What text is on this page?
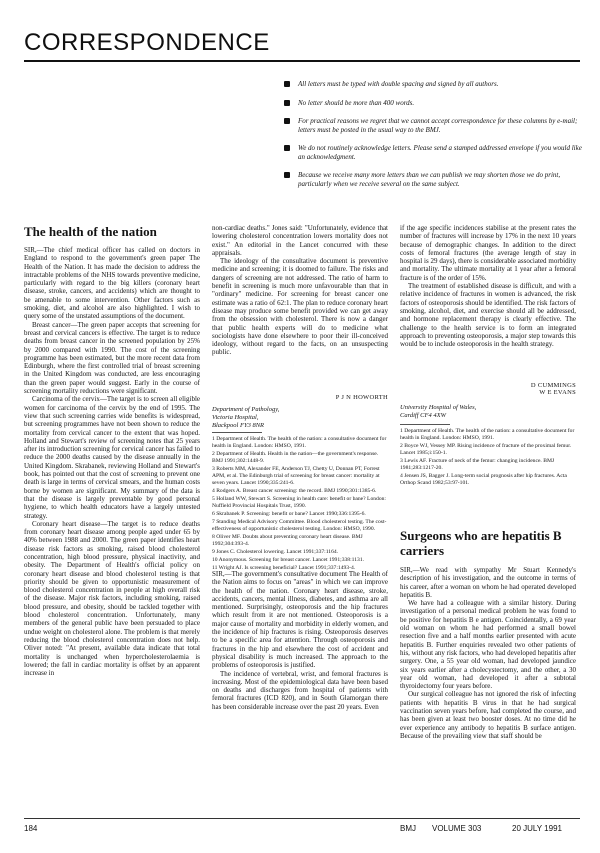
CORRESPONDENCE
All letters must be typed with double spacing and signed by all authors.
No letter should be more than 400 words.
For practical reasons we regret that we cannot accept correspondence for these columns by e-mail; letters must be posted in the usual way to the BMJ.
We do not routinely acknowledge letters. Please send a stamped addressed envelope if you would like an acknowledgment.
Because we receive many more letters than we can publish we may shorten those we do print, particularly when we receive several on the same subject.
The health of the nation

SIR,—The chief medical officer has called on doctors in England to respond to the government's green paper The Health of the Nation. It has made the decision to address the intractable problems of the NHS towards preventive medicine, particularly with regard to the big killers (coronary heart disease, stroke, cancers, and accidents) which are thought to be amenable to some intervention. Other factors such as smoking, diet, and alcohol are also highlighted. I wish to query some of the unstated assumptions of the document.

Breast cancer—The green paper accepts that screening for breast and cervical cancers is effective. The target is to reduce deaths from breast cancer in the screened population by 25% by 2000 compared with 1990. The cost of the screening programme has been estimated, but the more recent data from Edinburgh, where the first controlled trial of breast screening in the United Kingdom was conducted, are less encouraging than the green paper would suggest. Early in the course of screening mortality reductions were significant.

Carcinoma of the cervix—The target is to screen all eligible women for carcinoma of the cervix by the end of 1995. The view that such screening carries wide benefits is widespread, but screening programmes have not been shown to reduce the mortality from cervical cancer to the extent that was hoped. Holland and Stewart's review of screening notes that 25 years after its introduction screening for cervical cancer has failed to reduce the 2000 deaths caused by the disease annually in the United Kingdom. Skrabanek, reviewing Holland and Stewart's book, has pointed out that the cost of screening to prevent one death is large in terms of cervical smears, and the human costs borne by women are significant. My summary of the data is that the disease is largely preventable by good personal hygiene, to which health educators have a largely untested strategy.

Coronary heart disease—The target is to reduce deaths from coronary heart disease among people aged under 65 by 40% between 1988 and 2000. The green paper identifies heart disease risk factors as smoking, raised blood cholesterol concentration, high blood pressure, physical inactivity, and obesity. The Department of Health's official policy on coronary heart disease and blood cholesterol testing is that priority should be given to opportunistic measurement of blood cholesterol concentration in people at high overall risk of the disease. Major risk factors, including smoking, raised blood pressure, and obesity, should be tackled together with blood cholesterol concentration. Unfortunately, many members of the general public have been persuaded to place undue weight on cholesterol alone. The problem is that merely reducing the blood cholesterol concentration does not help. Oliver noted: "At present, available data indicate that total mortality is unchanged when hypercholesterolaemia is lowered; the fall in cardiac mortality is offset by an apparent increase in

non-cardiac deaths." Jones said: "Unfortunately, evidence that lowering cholesterol concentration lowers mortality does not exist." An editorial in the Lancet concurred with these appraisals.

The ideology of the consultative document is preventive medicine and screening; it is doomed to failure. The risks and dangers of screening are not addressed. The ratio of harm to benefit in screening is much more unfavourable than that in "ordinary" medicine. For screening for breast cancer one estimate was a ratio of 62:1. The plan to reduce coronary heart disease may produce some benefit provided we can get away from the obsession with cholesterol. There is now a danger that public health experts will do to medicine what sociologists have done elsewhere to poor their ill-conceived ideology, without regard to the facts, on an unsuspecting public.

P J N HOWORTH
Department of Pathology,
Victoria Hospital,
Blackpool FY3 8NR
1 Department of Health. The health of the nation: a consultative document for health in England. London: HMSO, 1991.
2 Department of Health. Health in the nation—the government's response. BMJ 1991;302:1448-9.
3 Roberts MM, Alexander FE, Anderson TJ, Chetty U, Donnan PT, Forrest APM, et al. The Edinburgh trial of screening for breast cancer: mortality at seven years. Lancet 1990;335:241-6.
4 Rodgers A. Breast cancer screening: the record. BMJ 1990;301:1385-6.
5 Holland WW, Stewart S. Screening in health care: benefit or bane? London: Nuffield Provincial Hospitals Trust, 1990.
6 Skrabanek P. Screening: benefit or bane? Lancet 1990;336:1395-6.
7 Standing Medical Advisory Committee. Blood cholesterol testing. The cost-effectiveness of opportunistic cholesterol testing. London: HMSO, 1990.
8 Oliver MF. Doubts about preventing coronary heart disease. BMJ 1992;304:393-4.
9 Jones C. Cholesterol lowering. Lancet 1991;337:1164.
10 Anonymous. Screening for breast cancer. Lancet 1991;338:1131.
11 Wright AJ. Is screening beneficial? Lancet 1991;337:1493-4.

SIR,—The government's consultative document The Health of the Nation aims to focus on "areas" in which we can improve the health of the nation. Coronary heart disease, stroke, accidents, cancers, mental illness, diabetes, and asthma are all mentioned. Surprisingly, osteoporosis and the hip fractures which result from it are not mentioned. Osteoporosis is a major cause of mortality and morbidity in elderly women, and the incidence of hip fractures is rising. Osteoporosis deserves to be a specific area for attention. Through osteoporosis and fractures in the hip and elsewhere the cost of accident and physical disability is much increased. The approach to the problems of osteoporosis is justified.

The incidence of vertebral, wrist, and femoral fractures is increasing. Most of the epidemiological data have been based on deaths and discharges from hospital of patients with femoral fractures (ICD 820), and in South Glamorgan there has been considerable increase over the past 20 years. Even

if the age specific incidences stabilise at the present rates the number of fractures will increase by 17% in the next 10 years because of demographic changes. In addition to the direct costs of femoral fractures (the average length of stay in hospital is 29 days), there is considerable associated morbidity and mortality. The ultimate mortality at 1 year after a femoral fracture is of the order of 15%.

The treatment of established disease is difficult, and with a relative incidence of fractures in women is advanced, the risk factors of osteoporosis should be identified. The risk factors of smoking, alcohol, diet, and exercise should all be addressed, and hormone replacement therapy is clearly effective. The challenge to the health service is to form an integrated approach to preventing osteoporosis, a major step towards this would be to include osteoporosis in the health strategy.

D CUMMINGS
W E EVANS
University Hospital of Wales,
Cardiff CF4 4XW
1 Department of Health. The health of the nation: a consultative document for health in England. London: HMSO, 1991.
2 Boyce WJ, Vessey MP. Rising incidence of fracture of the proximal femur. Lancet 1985;i:150-1.
3 Lewis AF. Fracture of neck of the femur: changing incidence. BMJ 1981;283:1217-20.
4 Jensen JS, Bagger J. Long-term social prognosis after hip fractures. Acta Orthop Scand 1982;53:97-101.
Surgeons who are hepatitis B carriers

SIR,—We read with sympathy Mr Stuart Kennedy's description of his investigation, and the outcome in terms of his career, after a woman on whom he had operated developed hepatitis B.

We have had a colleague with a similar history. During investigation of a personal medical problem he was found to be positive for hepatitis B e antigen. Coincidentally, a 69 year old woman on whom he had performed a small bowel resection five and a half months earlier presented with acute hepatitis B. Further enquiries revealed two other patients of his, without any risk factors, who had developed hepatitis after surgery. One, a 55 year old woman, had developed jaundice six years earlier after a cholecystectomy, and the other, a 30 year old woman, had developed it after a subtotal thyroidectomy four years before.

Our surgical colleague has not ignored the risk of infecting patients with hepatitis B virus in that he had surgical vaccination seven years before, had completed the course, and has been given at least two booster doses. At no time did he ever experience any antibody to hepatitis B surface antigen. Because of the prevailing view that staff should be

184	BMJ VOLUME 303	20 JULY 1991
